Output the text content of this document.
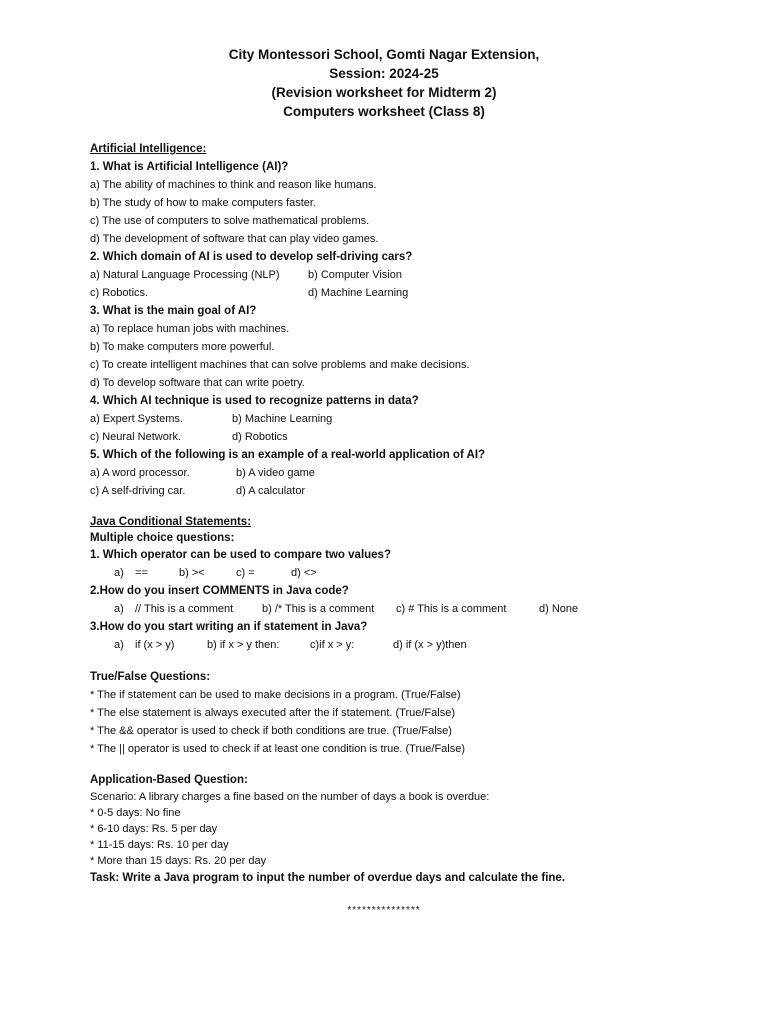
City Montessori School, Gomti Nagar Extension,
Session: 2024-25
(Revision worksheet for Midterm 2)
Computers worksheet (Class 8)
Artificial Intelligence:
1. What is Artificial Intelligence (AI)?
a) The ability of machines to think and reason like humans.
b) The study of how to make computers faster.
c) The use of computers to solve mathematical problems.
d) The development of software that can play video games.
2. Which domain of AI is used to develop self-driving cars?
a) Natural Language Processing (NLP)	b) Computer Vision
c) Robotics.	d) Machine Learning
3. What is the main goal of AI?
a) To replace human jobs with machines.
b) To make computers more powerful.
c) To create intelligent machines that can solve problems and make decisions.
d) To develop software that can write poetry.
4. Which AI technique is used to recognize patterns in data?
a) Expert Systems.	b) Machine Learning
c) Neural Network.	d) Robotics
5. Which of the following is an example of a real-world application of AI?
a) A word processor.	b) A video game
c) A self-driving car.	d) A calculator
Java Conditional Statements:
Multiple choice questions:
1. Which operator can be used to compare two values?
a) ==	b) ><	c) =	d) <>
2.How do you insert COMMENTS in Java code?
a) // This is a comment	b) /* This is a comment c) # This is a comment	d) None
3.How do you start writing an if statement in Java?
a) if (x > y)	b) if x > y then:	c)if x > y:	d) if (x > y)then
True/False Questions:
* The if statement can be used to make decisions in a program. (True/False)
* The else statement is always executed after the if statement. (True/False)
* The && operator is used to check if both conditions are true. (True/False)
* The || operator is used to check if at least one condition is true. (True/False)
Application-Based Question:
Scenario: A library charges a fine based on the number of days a book is overdue:
* 0-5 days: No fine
* 6-10 days: Rs. 5 per day
* 11-15 days: Rs. 10 per day
* More than 15 days: Rs. 20 per day
Task: Write a Java program to input the number of overdue days and calculate the fine.
***************
